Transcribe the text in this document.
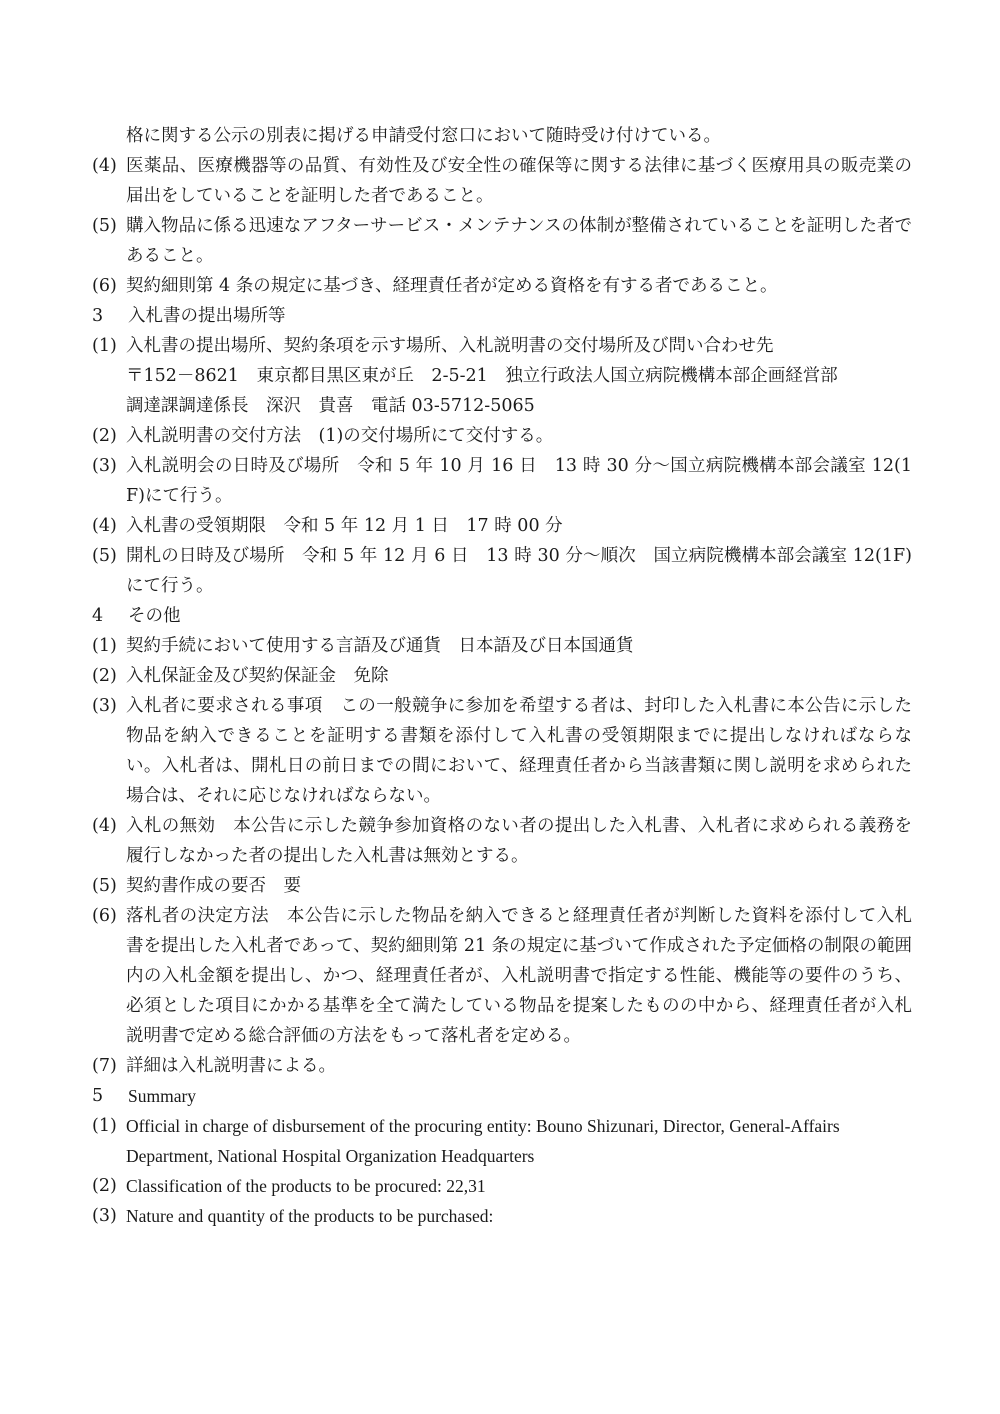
格に関する公示の別表に掲げる申請受付窓口において随時受け付けている。
(4) 医薬品、医療機器等の品質、有効性及び安全性の確保等に関する法律に基づく医療用具の販売業の届出をしていることを証明した者であること。
(5) 購入物品に係る迅速なアフターサービス・メンテナンスの体制が整備されていることを証明した者であること。
(6) 契約細則第 4 条の規定に基づき、経理責任者が定める資格を有する者であること。
3	入札書の提出場所等
(1) 入札書の提出場所、契約条項を示す場所、入札説明書の交付場所及び問い合わせ先
〒152－8621　東京都目黒区東が丘　2-5-21　独立行政法人国立病院機構本部企画経営部
調達課調達係長　深沢　貴喜　電話 03-5712-5065
(2) 入札説明書の交付方法　(1)の交付場所にて交付する。
(3) 入札説明会の日時及び場所　令和 5 年 10 月 16 日　13 時 30 分～国立病院機構本部会議室 12(1F)にて行う。
(4) 入札書の受領期限　令和 5 年 12 月 1 日　17 時 00 分
(5) 開札の日時及び場所　令和 5 年 12 月 6 日　13 時 30 分～順次　国立病院機構本部会議室 12(1F)にて行う。
4	その他
(1) 契約手続において使用する言語及び通貨　日本語及び日本国通貨
(2) 入札保証金及び契約保証金　免除
(3) 入札者に要求される事項　この一般競争に参加を希望する者は、封印した入札書に本公告に示した物品を納入できることを証明する書類を添付して入札書の受領期限までに提出しなければならない。入札者は、開札日の前日までの間において、経理責任者から当該書類に関し説明を求められた場合は、それに応じなければならない。
(4) 入札の無効　本公告に示した競争参加資格のない者の提出した入札書、入札者に求められる義務を履行しなかった者の提出した入札書は無効とする。
(5) 契約書作成の要否　要
(6) 落札者の決定方法　本公告に示した物品を納入できると経理責任者が判断した資料を添付して入札書を提出した入札者であって、契約細則第 21 条の規定に基づいて作成された予定価格の制限の範囲内の入札金額を提出し、かつ、経理責任者が、入札説明書で指定する性能、機能等の要件のうち、必須とした項目にかかる基準を全て満たしている物品を提案したものの中から、経理責任者が入札説明書で定める総合評価の方法をもって落札者を定める。
(7) 詳細は入札説明書による。
5	Summary
(1) Official in charge of disbursement of the procuring entity: Bouno Shizunari, Director, General-Affairs Department, National Hospital Organization Headquarters
(2) Classification of the products to be procured: 22,31
(3) Nature and quantity of the products to be purchased:
